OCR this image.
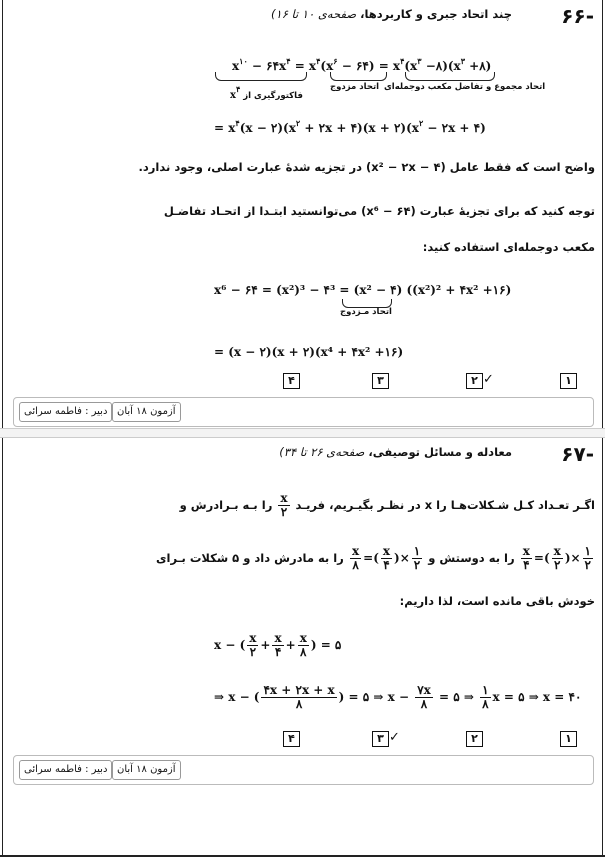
-۶۶
چند اتحاد جبری و کاربردها، صفحه‌ی ۱۰ تا ۱۶)
$x^{۱۰}$ − $۶۴x^۴ = x^۴(x^۶$ − ۶۴) = $x^۴(x^۳$ $-۸)(x^۳$ +۸)
فاکتورگیری از $x^۴$	اتحاد مزدوج اتحاد مجموع و تفاضل مکعب دوجمله‌ای
= $x^۴(x$ − $۲)(x^۲$ + ۲x + ۴)(x + $۲)(x^۲$ − ۲x + ۴)
واضح است که فقط عامل (x² − ۲x − ۴) در تجزیه شدهٔ عبارت اصلی، وجود ندارد.
توجه کنید که برای تجزیهٔ عبارت (x⁶ − ۶۴) می‌توانستید ابتـدا از اتحـاد تفاضـل
مکعب دوجمله‌ای استفاده کنید:
x⁶ − ۶۴ = (x²)³ − ۴³ = (x² − ۴) ((x²)² + ۴x² +۱۶)
اتحاد مـزدوج
= (x − ۲)(x + ۲)(x⁴ + ۴x² +۱۶)
۴	۳	۲ ✓	۱
دبیر : فاطمه سرائی آزمون ۱۸ آبان
-۶۷
معادله و مسائل توصیفی، صفحه‌ی ۲۶ تا ۳۴)
اگـر تعـداد کـل شـکلات‌هـا را x در نظـر بگیـریم، فریـد
$\frac{x}{۲}$
را بـه بـرادرش و
$\frac{۱}{۲}$
×(
$\frac{x}{۲}$
)=
$\frac{x}{۴}$
را به دوستش و
$\frac{۱}{۲}$
×(
$\frac{x}{۴}$
)=
$\frac{x}{۸}$
را به مادرش داد و ۵ شکلات بـرای
خودش باقی مانده است، لذا داریم:
x − ( $\frac{x}{۲} + \frac{x}{۴} + \frac{x}{۸}$ ) = ۵
⇒ x − ( $\frac{۴x + ۲x + x}{۸}$ ) = ۵ ⇒ $x - \frac{۷x}{۸}$ = ۵ ⇒ $\frac{۱}{۸}$ x = ۵ ⇒ x = ۴۰
۴	۳ ✓	۲	۱
دبیر : فاطمه سرائی آزمون ۱۸ آبان
